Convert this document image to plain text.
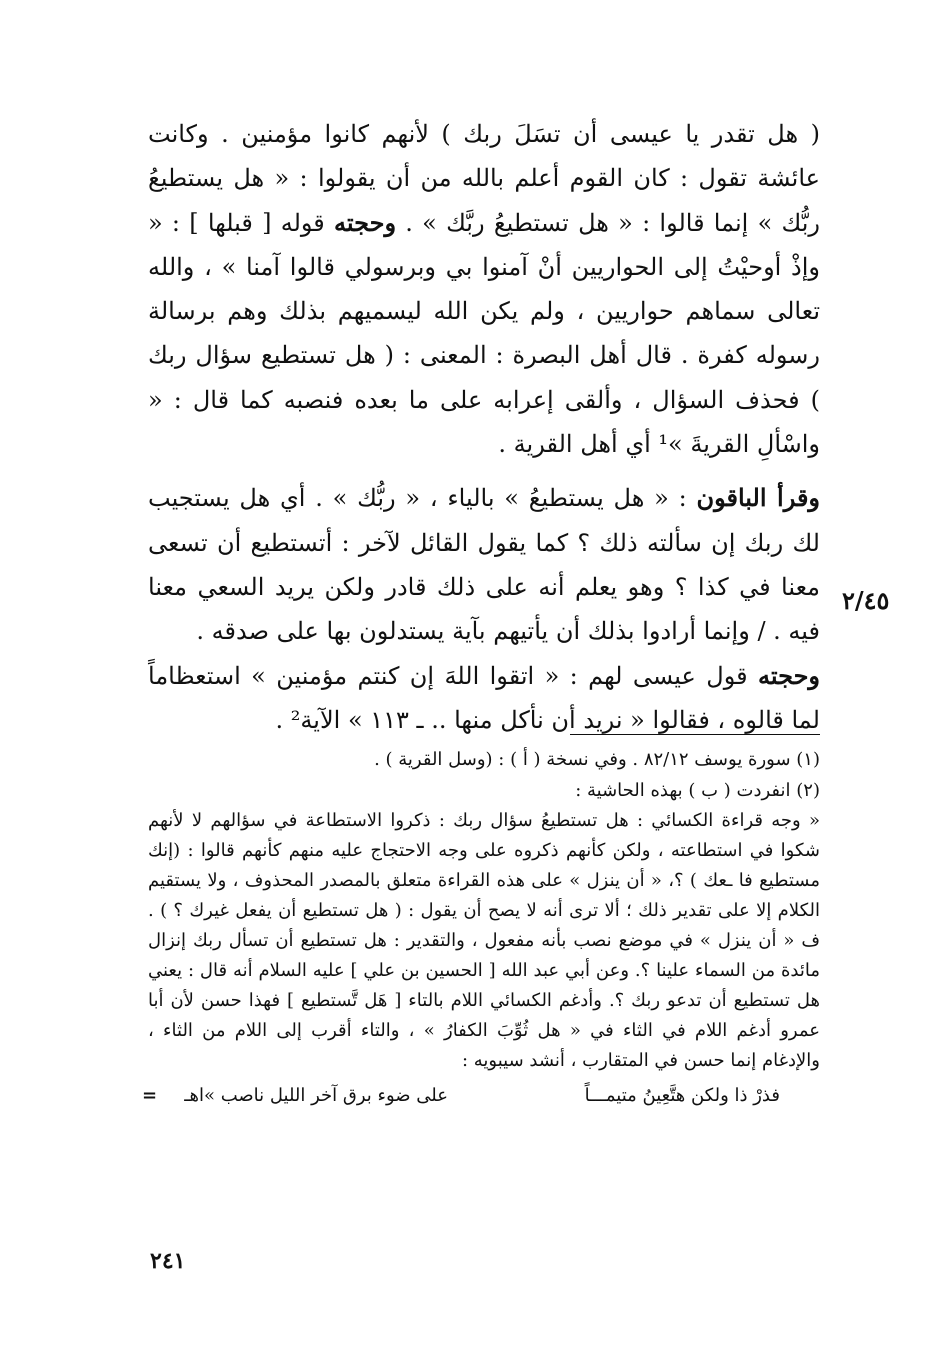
( هل تقدر يا عيسى أن تسَلَ ربك ) لأنهم كانوا مؤمنين . وكانت عائشة تقول : كان القوم أعلم بالله من أن يقولوا : « هل يستطيعُ ربُّك » إنما قالوا : « هل تستطيعُ ربَّك » . وحجته قوله [ قبلها ] : « وإذْ أوحيْتُ إلى الحواريين أنْ آمنوا بي وبرسولي قالوا آمنا » ، والله تعالى سماهم حواريين ، ولم يكن الله ليسميهم بذلك وهم برسالة رسوله كفرة . قال أهل البصرة : المعنى : ( هل تستطيع سؤال ربك ) فحذف السؤال ، وألقى إعرابه على ما بعده فنصبه كما قال : « واسْألِ القريةَ »¹ أي أهل القرية .

وقرأ الباقون : « هل يستطيعُ » بالياء ، « ربُّك » . أي هل يستجيب لك ربك إن سألته ذلك ؟ كما يقول القائل لآخر : أتستطيع أن تسعى معنا في كذا ؟ وهو يعلم أنه على ذلك قادر ولكن يريد السعي معنا فيه . / وإنما أرادوا بذلك أن يأتيهم بآية يستدلون بها على صدقه .

وحجته قول عيسى لهم : « اتقوا اللهَ إن كنتم مؤمنين » استعظاماً لما قالوه ، فقالوا « نريد أن نأكل منها .. ـ ١١٣ » الآية² .

٢/٤٥

(١) سورة يوسف ٨٢/١٢ . وفي نسخة ( أ ) : (وسل القرية ) .

(٢) انفردت ( ب ) بهذه الحاشية :

« وجه قراءة الكسائي : هل تستطيعُ سؤال ربك : ذكروا الاستطاعة في سؤالهم لا لأنهم شكوا في استطاعته ، ولكن كأنهم ذكروه على وجه الاحتجاج عليه منهم كأنهم قالوا : (إنك مستطيع فا ـعك ) ؟، « أن ينزل » على هذه القراءة متعلق بالمصدر المحذوف ، ولا يستقيم الكلام إلا على تقدير ذلك ؛ ألا ترى أنه لا يصح أن يقول : ( هل تستطيع أن يفعل غيرك ؟ ) . ف « أن ينزل » في موضع نصب بأنه مفعول ، والتقدير : هل تستطيع أن تسأل ربك إنزال مائدة من السماء علينا ؟. وعن أبي عبد الله [ الحسين بن علي ] عليه السلام أنه قال : يعني هل تستطيع أن تدعو ربك ؟. وأدغم الكسائي اللام بالتاء [ هَل تَّستطيع ] فهذا حسن لأن أبا عمرو أدغم اللام في الثاء في « هل ثُوِّبَ الكفارُ » ، والتاء أقرب إلى اللام من الثاء ، والإدغام إنما حسن في المتقارب ، أنشد سيبويه :

فذرْ ذا ولكن هتَّعِينُ متيمـــاً
على ضوء برق آخر الليل ناصب »اهـ
=
٢٤١
